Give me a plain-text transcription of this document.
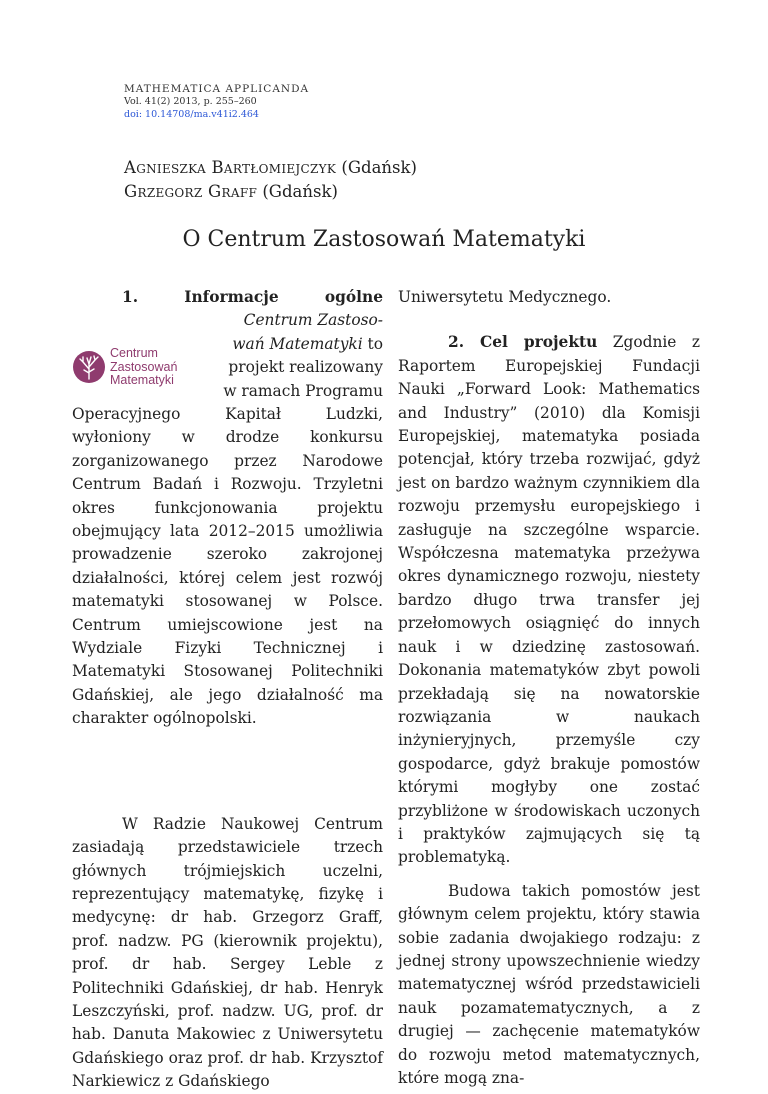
MATHEMATICA APPLICANDA
Vol. 41(2) 2013, p. 255–260
doi: 10.14708/ma.v41i2.464
Agnieszka Bartłomiejczyk (Gdańsk)
Grzegorz Graff (Gdańsk)
O Centrum Zastosowań Matematyki
1.	Informacje	ogólne
Centrum
Zastosowań
Matematyki

Centrum Zastoso-
wań Matematyki to
projekt realizowany
w ramach Programu

Operacyjnego Kapitał Ludzki, wyłoniony w drodze konkursu zorganizowanego przez Narodowe Centrum Badań i Rozwoju. Trzyletni okres funkcjonowania projektu obejmujący lata 2012–2015 umożliwia prowadzenie szeroko zakrojonej działalności, której celem jest rozwój matematyki stosowanej w Polsce. Centrum umiejscowione jest na Wydziale Fizyki Technicznej i Matematyki Stosowanej Politechniki Gdańskiej, ale jego działalność ma charakter ogólnopolski.

W Radzie Naukowej Centrum zasiadają przedstawiciele trzech głównych trójmiejskich uczelni, reprezentujący matematykę, fizykę i medycynę: dr hab. Grzegorz Graff, prof. nadzw. PG (kierownik projektu), prof. dr hab. Sergey Leble z Politechniki Gdańskiej, dr hab. Henryk Leszczyński, prof. nadzw. UG, prof. dr hab. Danuta Makowiec z Uniwersytetu Gdańskiego oraz prof. dr hab. Krzysztof Narkiewicz z Gdańskiego

Uniwersytetu Medycznego.

2. Cel projektu Zgodnie z Raportem Europejskiej Fundacji Nauki „Forward Look: Mathematics and Industry” (2010) dla Komisji Europejskiej, matematyka posiada potencjał, który trzeba rozwijać, gdyż jest on bardzo ważnym czynnikiem dla rozwoju przemysłu europejskiego i zasługuje na szczególne wsparcie. Współczesna matematyka przeżywa okres dynamicznego rozwoju, niestety bardzo długo trwa transfer jej przełomowych osiągnięć do innych nauk i w dziedzinę zastosowań. Dokonania matematyków zbyt powoli przekładają się na nowatorskie rozwiązania w naukach inżynieryjnych, przemyśle czy gospodarce, gdyż brakuje pomostów którymi mogłyby one zostać przybliżone w środowiskach uczonych i praktyków zajmujących się tą problematyką.

Budowa takich pomostów jest głównym celem projektu, który stawia sobie zadania dwojakiego rodzaju: z jednej strony upowszechnienie wiedzy matematycznej wśród przedstawicieli nauk pozamatematycznych, a z drugiej — zachęcenie matematyków do rozwoju metod matematycznych, które mogą zna-
